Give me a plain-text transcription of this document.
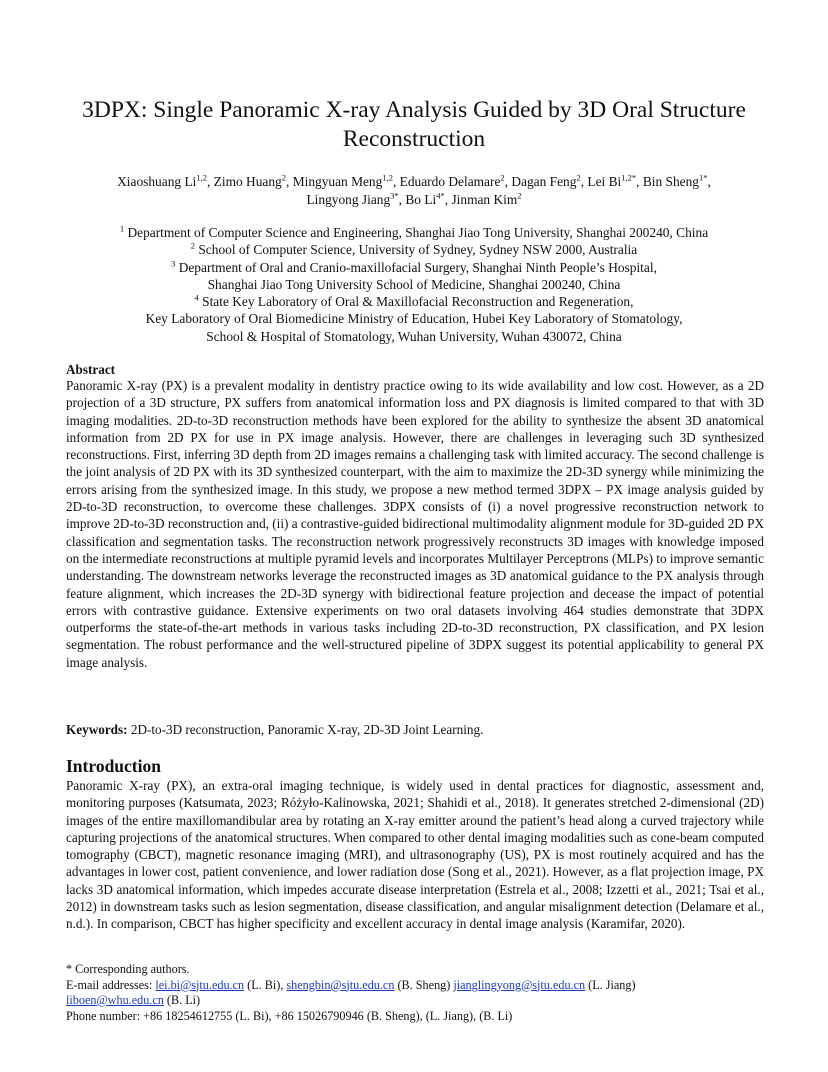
3DPX: Single Panoramic X-ray Analysis Guided by 3D Oral Structure
Reconstruction
Xiaoshuang Li$^{1,2}$, Zimo Huang$^2$, Mingyuan Meng$^{1,2}$, Eduardo Delamare$^2$, Dagan Feng$^2$, Lei $Bi^{1,2*}$, Bin Sheng$^{1*}$,
Lingyong Jiang$^{3*}$, Bo $Li^{4*}$, Jinman Kim$^2$
$^1$ Department of Computer Science and Engineering, Shanghai Jiao Tong University, Shanghai 200240, China
$^2$ School of Computer Science, University of Sydney, Sydney NSW 2000, Australia
$^3$ Department of Oral and Cranio-maxillofacial Surgery, Shanghai Ninth People’s Hospital,
Shanghai Jiao Tong University School of Medicine, Shanghai 200240, China
$^4$ State Key Laboratory of Oral & Maxillofacial Reconstruction and Regeneration,
Key Laboratory of Oral Biomedicine Ministry of Education, Hubei Key Laboratory of Stomatology,
School & Hospital of Stomatology, Wuhan University, Wuhan 430072, China
Abstract
Panoramic X-ray (PX) is a prevalent modality in dentistry practice owing to its wide availability and low cost. However, as a 2D projection of a 3D structure, PX suffers from anatomical information loss and PX diagnosis is limited compared to that with 3D imaging modalities. 2D-to-3D reconstruction methods have been explored for the ability to synthesize the absent 3D anatomical information from 2D PX for use in PX image analysis. However, there are challenges in leveraging such 3D synthesized reconstructions. First, inferring 3D depth from 2D images remains a challenging task with limited accuracy. The second challenge is the joint analysis of 2D PX with its 3D synthesized counterpart, with the aim to maximize the 2D-3D synergy while minimizing the errors arising from the synthesized image. In this study, we propose a new method termed 3DPX – PX image analysis guided by 2D-to-3D reconstruction, to overcome these challenges. 3DPX consists of (i) a novel progressive reconstruction network to improve 2D-to-3D reconstruction and, (ii) a contrastive-guided bidirectional multimodality alignment module for 3D-guided 2D PX classification and segmentation tasks. The reconstruction network progressively reconstructs 3D images with knowledge imposed on the intermediate reconstructions at multiple pyramid levels and incorporates Multilayer Perceptrons (MLPs) to improve semantic understanding. The downstream networks leverage the reconstructed images as 3D anatomical guidance to the PX analysis through feature alignment, which increases the 2D-3D synergy with bidirectional feature projection and decease the impact of potential errors with contrastive guidance. Extensive experiments on two oral datasets involving 464 studies demonstrate that 3DPX outperforms the state-of-the-art methods in various tasks including 2D-to-3D reconstruction, PX classification, and PX lesion segmentation. The robust performance and the well-structured pipeline of 3DPX suggest its potential applicability to general PX image analysis.
Keywords: 2D-to-3D reconstruction, Panoramic X-ray, 2D-3D Joint Learning.
Introduction
Panoramic X-ray (PX), an extra-oral imaging technique, is widely used in dental practices for diagnostic, assessment and, monitoring purposes (Katsumata, 2023; Różyło-Kalinowska, 2021; Shahidi et al., 2018). It generates stretched 2-dimensional (2D) images of the entire maxillomandibular area by rotating an X-ray emitter around the patient’s head along a curved trajectory while capturing projections of the anatomical structures. When compared to other dental imaging modalities such as cone-beam computed tomography (CBCT), magnetic resonance imaging (MRI), and ultrasonography (US), PX is most routinely acquired and has the advantages in lower cost, patient convenience, and lower radiation dose (Song et al., 2021). However, as a flat projection image, PX lacks 3D anatomical information, which impedes accurate disease interpretation (Estrela et al., 2008; Izzetti et al., 2021; Tsai et al., 2012) in downstream tasks such as lesion segmentation, disease classification, and angular misalignment detection (Delamare et al., n.d.). In comparison, CBCT has higher specificity and excellent accuracy in dental image analysis (Karamifar, 2020).
* Corresponding authors.
E-mail addresses: lei.bi@sjtu.edu.cn (L. Bi), shengbin@sjtu.edu.cn (B. Sheng) jianglingyong@sjtu.edu.cn (L. Jiang)
liboen@whu.edu.cn (B. Li)
Phone number: +86 18254612755 (L. Bi), +86 15026790946 (B. Sheng), (L. Jiang), (B. Li)
